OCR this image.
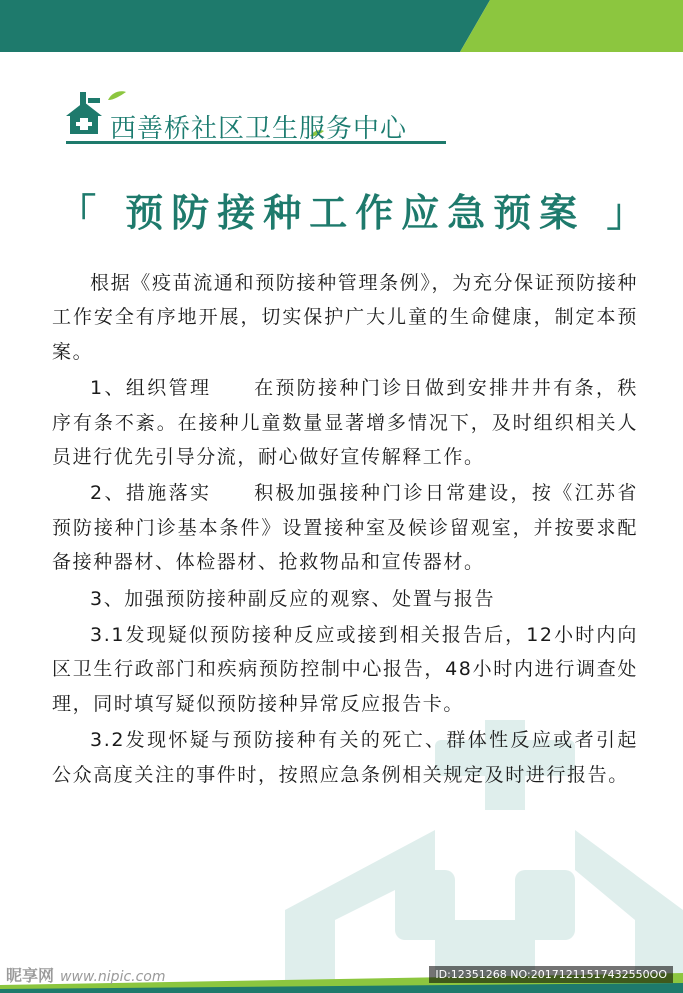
西善桥社区卫生服务中心
「 预防接种工作应急预案 」

根据《疫苗流通和预防接种管理条例》，为充分保证预防接种工作安全有序地开展，切实保护广大儿童的生命健康，制定本预案。

1、组织管理　　在预防接种门诊日做到安排井井有条，秩序有条不紊。在接种儿童数量显著增多情况下，及时组织相关人员进行优先引导分流，耐心做好宣传解释工作。

2、措施落实　　积极加强接种门诊日常建设，按《江苏省预防接种门诊基本条件》设置接种室及候诊留观室，并按要求配备接种器材、体检器材、抢救物品和宣传器材。

3、加强预防接种副反应的观察、处置与报告

3.1发现疑似预防接种反应或接到相关报告后，12小时内向区卫生行政部门和疾病预防控制中心报告，48小时内进行调查处理，同时填写疑似预防接种异常反应报告卡。

3.2发现怀疑与预防接种有关的死亡、群体性反应或者引起公众高度关注的事件时，按照应急条例相关规定及时进行报告。

昵享网 www.nipic.com	ID:12351268 NO:20171211517432550OO
